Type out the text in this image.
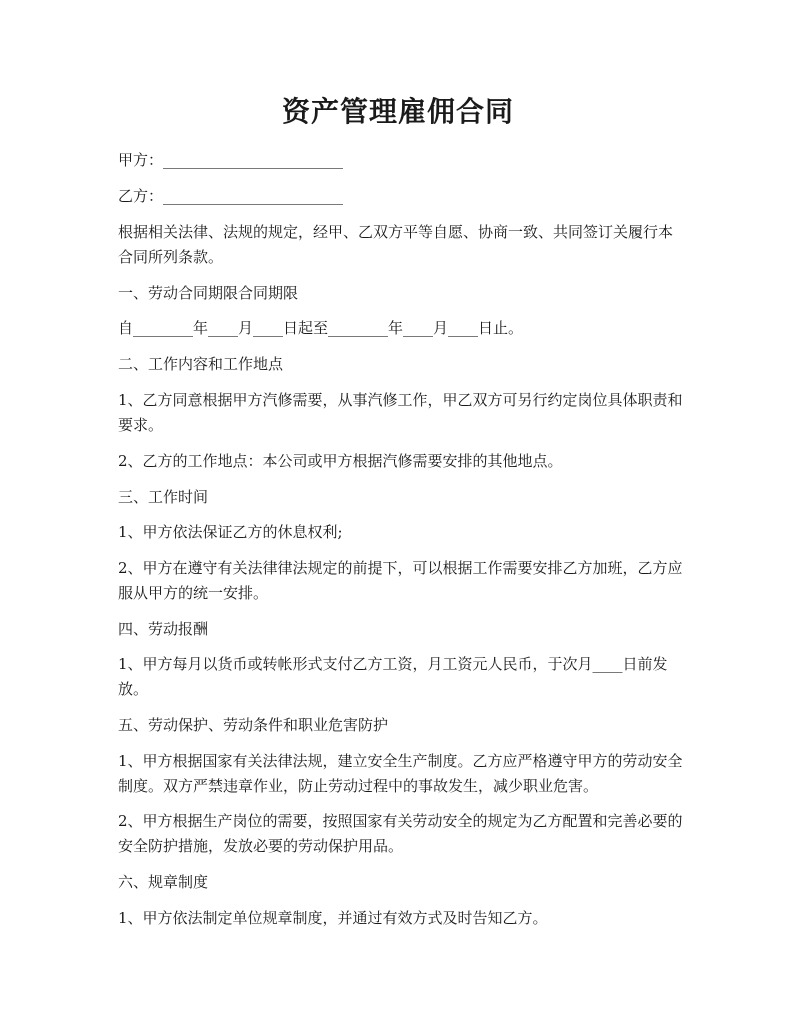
资产管理雇佣合同

甲方：________________________

乙方：________________________

根据相关法律、法规的规定，经甲、乙双方平等自愿、协商一致、共同签订关履行本合同所列条款。

一、劳动合同期限合同期限

自________年____月____日起至________年____月____日止。

二、工作内容和工作地点

1、乙方同意根据甲方汽修需要，从事汽修工作，甲乙双方可另行约定岗位具体职责和要求。

2、乙方的工作地点：本公司或甲方根据汽修需要安排的其他地点。

三、工作时间

1、甲方依法保证乙方的休息权利;

2、甲方在遵守有关法律律法规定的前提下，可以根据工作需要安排乙方加班，乙方应服从甲方的统一安排。

四、劳动报酬

1、甲方每月以货币或转帐形式支付乙方工资，月工资元人民币，于次月____日前发放。

五、劳动保护、劳动条件和职业危害防护

1、甲方根据国家有关法律法规，建立安全生产制度。乙方应严格遵守甲方的劳动安全制度。双方严禁违章作业，防止劳动过程中的事故发生，减少职业危害。

2、甲方根据生产岗位的需要，按照国家有关劳动安全的规定为乙方配置和完善必要的安全防护措施，发放必要的劳动保护用品。

六、规章制度

1、甲方依法制定单位规章制度，并通过有效方式及时告知乙方。
